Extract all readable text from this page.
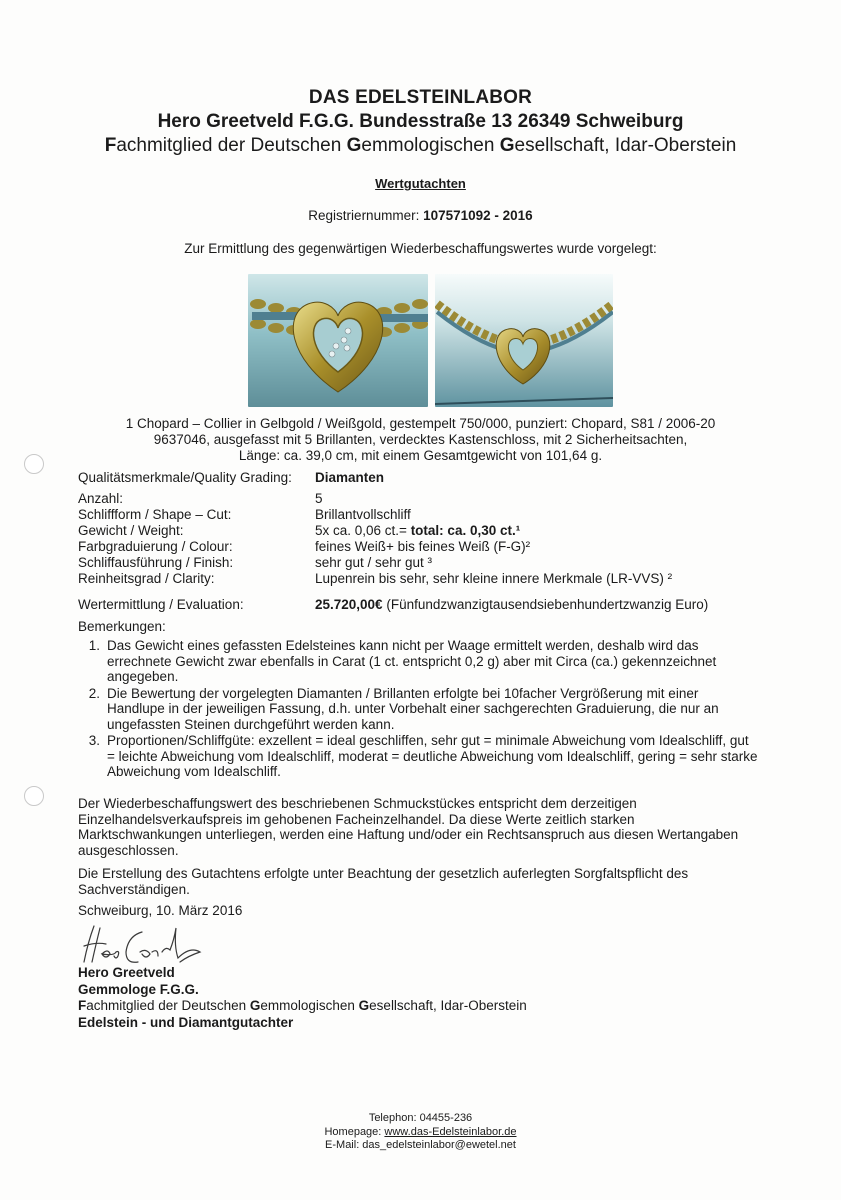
DAS EDELSTEINLABOR
Hero Greetveld F.G.G. Bundesstraße 13 26349 Schweiburg
Fachmitglied der Deutschen Gemmologischen Gesellschaft, Idar-Oberstein
Wertgutachten
Registriernummer: 107571092 - 2016
Zur Ermittlung des gegenwärtigen Wiederbeschaffungswertes wurde vorgelegt:
1 Chopard – Collier in Gelbgold / Weißgold, gestempelt 750/000, punziert: Chopard, S81 / 2006-20
9637046, ausgefasst mit 5 Brillanten, verdecktes Kastenschloss, mit 2 Sicherheitsachten,
Länge: ca. 39,0 cm, mit einem Gesamtgewicht von 101,64 g.
Qualitätsmerkmale/Quality Grading: Diamanten
Anzahl:	5
Schliffform / Shape – Cut:	Brillantvollschliff
Gewicht / Weight:	5x ca. 0,06 ct.= total: ca. 0,30 ct.¹
Farbgraduierung / Colour:	feines Weiß+ bis feines Weiß (F-G)²
Schliffausführung / Finish:	sehr gut / sehr gut ³
Reinheitsgrad / Clarity:	Lupenrein bis sehr, sehr kleine innere Merkmale (LR-VVS) ²
Wertermittlung / Evaluation:	25.720,00€ (Fünfundzwanzigtausendsiebenhundertzwanzig Euro)
Bemerkungen:
1. Das Gewicht eines gefassten Edelsteines kann nicht per Waage ermittelt werden, deshalb wird das errechnete Gewicht zwar ebenfalls in Carat (1 ct. entspricht 0,2 g) aber mit Circa (ca.) gekennzeichnet angegeben.
2. Die Bewertung der vorgelegten Diamanten / Brillanten erfolgte bei 10facher Vergrößerung mit einer Handlupe in der jeweiligen Fassung, d.h. unter Vorbehalt einer sachgerechten Graduierung, die nur an ungefassten Steinen durchgeführt werden kann.
3. Proportionen/Schliffgüte: exzellent = ideal geschliffen, sehr gut = minimale Abweichung vom Idealschliff, gut = leichte Abweichung vom Idealschliff, moderat = deutliche Abweichung vom Idealschliff, gering = sehr starke Abweichung vom Idealschliff.
Der Wiederbeschaffungswert des beschriebenen Schmuckstückes entspricht dem derzeitigen Einzelhandelsverkaufspreis im gehobenen Facheinzelhandel. Da diese Werte zeitlich starken Marktschwankungen unterliegen, werden eine Haftung und/oder ein Rechtsanspruch aus diesen Wertangaben ausgeschlossen.
Die Erstellung des Gutachtens erfolgte unter Beachtung der gesetzlich auferlegten Sorgfaltspflicht des Sachverständigen.
Schweiburg, 10. März 2016
Hero Greetveld
Gemmologe F.G.G.
Fachmitglied der Deutschen Gemmologischen Gesellschaft, Idar-Oberstein
Edelstein - und Diamantgutachter
Telephon: 04455-236
Homepage: www.das-Edelsteinlabor.de
E-Mail: das_edelsteinlabor@ewetel.net
